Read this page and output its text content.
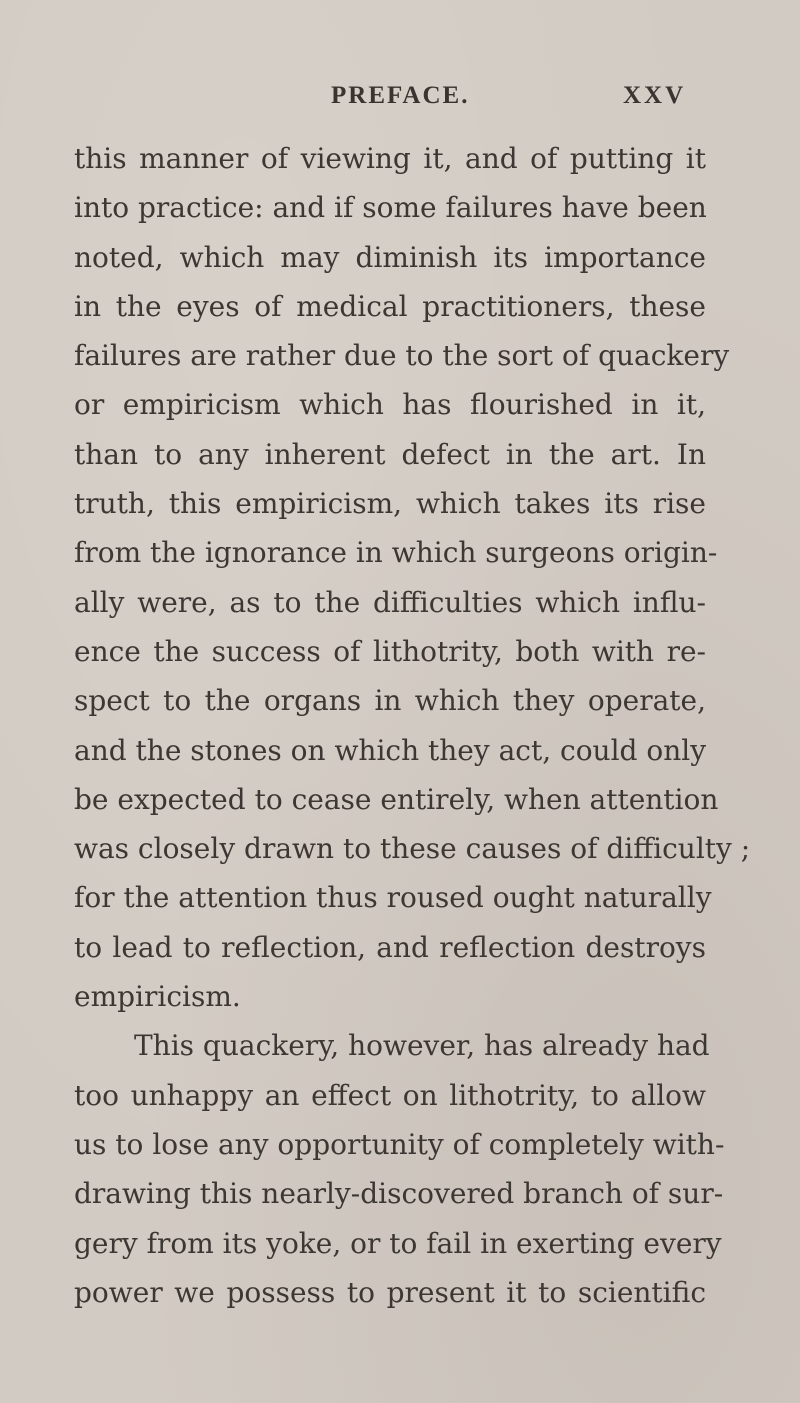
PREFACE.	XXV
this manner of viewing it, and of putting it
into practice: and if some failures have been
noted, which may diminish its importance
in the eyes of medical practitioners, these
failures are rather due to the sort of quackery
or empiricism which has flourished in it,
than to any inherent defect in the art. In
truth, this empiricism, which takes its rise
from the ignorance in which surgeons origin-
ally were, as to the difficulties which influ-
ence the success of lithotrity, both with re-
spect to the organs in which they operate,
and the stones on which they act, could only
be expected to cease entirely, when attention
was closely drawn to these causes of difficulty ;
for the attention thus roused ought naturally
to lead to reflection, and reflection destroys
empiricism.
This quackery, however, has already had
too unhappy an effect on lithotrity, to allow
us to lose any opportunity of completely with-
drawing this nearly-discovered branch of sur-
gery from its yoke, or to fail in exerting every
power we possess to present it to scientific
